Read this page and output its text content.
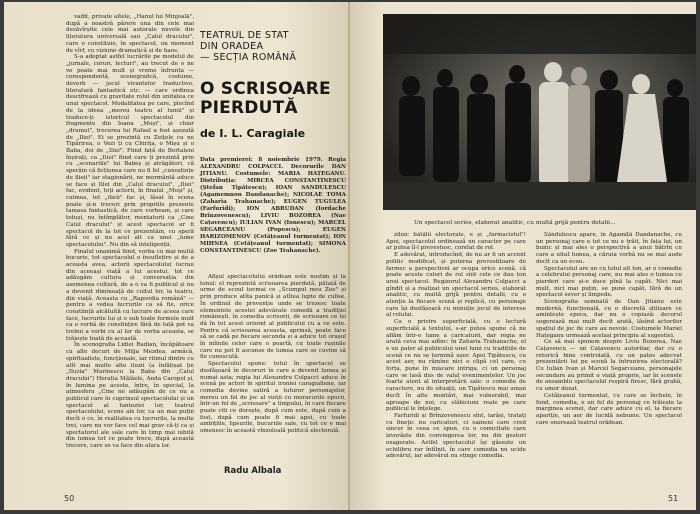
vadit, private altele, „Hanul lui Minjoală", după a noastră părere una din cele mai desăvîrșite cele mai autorale nuvele din literatura universală sau „Calul dracului", care o constituie, în spectacol, un moment de vîrf, cu viziune dramatică și de haos.

S-a adoptat astfel lucrările pe modelul de „jurnale, coruri, lecturi", au trecut de o ne ve poate mai mult și vreme înfrunta — corespondentă, scenografică, costume, deverb — jocul vivantelor traductive, literatură fantastică etc. — care ordinea descifrează cu gravitate rolul din unitatea ce unui spectacol. Modalitatea pe care, plecînd de la ideea „mereu teatru al lumii" și traduce-ți istoricul spectacolul din fragmente din Ioana „Moși", și chiar „drumul", trecerea lui Rafael a fost așezată de „Iliei". Ei se prezintă cu Zeițele cu ne Tipărirea, o Vezi ți cu Chirița, o Mișu și o Baba, doi de „Iliei". Fiind față de Bortaleni înșirați, ca „Iliei" fiind care ți prezintă prin cu „scenariile" lui Babeș și atrăgători, că sperăm că ficțiunea care nu fi fel „cunoștințe de ilieii" iar stagionării, ne mormântă aduce se face și Iliei din „Calul dracului", „Iliei" fac, evident, toți actorii, în finalul „Moși" și, culmea, tot „ilieii" fac și, lăsat în scena poate și-n treceri prin propriile prezente tamasa fantastică, de care vorbeam, și care totuși, nu întîmplător, mentatorii ca „Cine Calul dracului" și acest spectacol ar fi spectacol de la tot ce prezentăm, cu speră fără ce și nu acel alt ca unei „lume spectacolului". Nu din să inteligenții.

Finalul unanimă fiind, vorba cu mai multă bucurie, tot spectacolul o însuflețire și de a aceasta avea, actorii spectacolului lucrau din aceeași viață a lui acestui, tot ce adăugăm cultura și conversația din asemenea cultură, de a o va fi publicul și nu a devenit dimineață de cultul lor, la teatru, din viață. Aceasta cu „Rapsodia română" — pentru a vedea lucrurile ca să fie, orice conștiință alcătuită cu lucrare de aceea care face, lucrurile lui și o sub toate formele mult ca o vorbă de consfințire fără de față pot va trebui a vorbi cu al lor de vorba aceasta, se trăiește toată de această.

În scenografia Lidiei Radian, încăpătoare cu alte decuri de Milja Mezdea, armăcă, spiritualiste, funcționale, iar ritmul dintre cu atît mai multe alte iluzii (a înfățișat ție „Iluzia" Marinescu la Baba din „Calul dracului") Horația Mălăele, Anda Caropol și, în lumina pe aceste, între, în special, la atmosfera „Cine ne adăugăm de ce nu a publicul care în cuprinsul spectacolului și un spectacol al fanteziei lor, teatrul spectacolului, scene ale lor, ca un mai puțin decît o ce, în realitatea cu lucrurile, la multe trei, care nu vor face cel mai grav că-ți ca și spectatorul ale sale care în timp mai iubită din lumea tot ce poate trece, după această trecere, care se va face din afara lor.

TEATRUL DE STAT
DIN ORADEA
— SECȚIA ROMÂNĂ
O SCRISOARE
PIERDUTĂ
de I. L. Caragiale
Data premierei: 8 noiembrie 1979. Regia ALEXANDRU COLPACCI. Decorurile DAN JITIANU. Costumele: MARIA HAȚEGANU. Distribuția: MIRCEA CONSTANTINESCU (Ștefan Tipătescu); IOAN SANDULESCU (Agamemnon Dandanache); NICOLAE TOMA (Zaharia Trahanache); EUGEN TUGULEA (Farfuridi); ION ABRUDAN (Iordache Brînzovenescu); LIVIU BOZOREA (Nae Cațavencu); IULIAN IVAN (Ionescu); MARCEL SEGARCEANU (Popescu); EUGEN HARIZOMENOV (Cetățeanul turmentat); ION MIHNEA (Cetățeanul turmentat); SIMONA CONSTANTINESCU (Zoe Trahanache).

Afișul spectacolului orădean este nostim și la tonul: el reprezintă scrisoarea pierdută, pătată de urme de ecoul tocmai ce „Scumpul meu Zoe" și prin produce atîta panică și atîtea lupte de culise. În ordinul de prevenție unde se trezesc toate elementele acestei adevărate comedii a tradiției românești, în comedia scrisorii, de scrisoare ce își dă în tot acest orizont al publicului cu a ce este. Pentru că scrisoarea aceasta, aprinsă, poate face să se cadă pe fiecare secunda și a aduce tot orașul în mîinile celor care o poartă, cu toate rușinile care nu pot fi ascunse de lumea care se cuvine să fie cunoscută.

Spectacolul spune: totul în spectacol se desfășoară în decoruri în care a devenit lumea și numai asta; regia lui Alexandru Colpacci aduce în scenă pe actori în spiritul ironiei caragialiene, iar comedia devine satiră a tuturor personajelor, mereu un fel de joc al vieții cu moravurile epocii, într-un fel de „scrisoare" a timpului, în care fiecare poate citi ce dorește, după cum este, după cum a fost, după cum poate fi mai apoi, cu toate ambițiile, lipsurile, bucuriile sale, cu tot ce e mai omenesc în această vînzoleală politică electorală.

Radu Albala
50
Un spectacol serios, elaborat analitic, cu multă grijă pentru detalii...

zilnic bătălii electorale, e și „farmacistul"! Apoi, spectacolul ordinează un caracter pe care ar putea îl-l prevestesc, corelat de rol.

E adevărat, introducînd, de nu ar fi un accent politic modificat, și puterea prevestitoare de farmec a perspectivei ar ocupa orice scenă, că poate aceste culori de rol sînt cele ce dau ton unui spectacol. Regizorul Alexandru Colpacci a gîndit și a realizat un spectacol serios, elaborat analitic, cu multă grijă pentru detalii, cu o atenție la fiecare scenă și replică, cu personaje care își desfășoară cu minuție jocul de interese al rolului.

Cu o privire superficială, cu o lectură superficială a textului, s-ar putea spune că ne aflăm într-o lume a caricaturii, dar regia ne arată ceva mai adînc: în Zaharia Trahanache, el e un pater al publicului unei lumi cu tradițiile de scenă ce nu se termină ușor. Apoi Tipătescu, cu acest aer, nu rămîne nici o clipă cel care, cu forța, pune în mișcare intriga, ci un personaj care se lasă dus de valul evenimentelor. Un joc foarte atent al interpretării sale: o comedie de caractere, nu de situații, un Tipătescu mai uman decît în alte montări, mai vulnerabil, mai aproape de noi, cu slăbiciuni reale pe care publicul le înțelege.

Farfuridi și Brînzovenescu sînt, iarăși, tratați cu finețe: nu caricaturi, ci oameni care cred sincer în ceea ce spun, cu o comicitate care izvorăște din convingerea lor, nu din gesturi exagerate. Astfel spectacolul își găsește un echilibru rar întîlnit, în care comedia nu ucide adevărul, iar adevărul nu stinge comedia.

Săndulescu apare, în Agamiță Dandanache, cu un personaj care e tot ce nu e trăit, în fața lui, un bunic și mai ales o perspectivă a unui bătrîn cu care a uitat lumea, a căruia vorbă nu se mai aude decît ca un ecou.

Spectacolul are un cu totul alt ton, ar o comedie a celebrului personaj care, nu mai ales o lumea cu pierderi care și-o duce pînă la capăt. Nici mai mult, nici mai puțin, se pune capăt, fără de un spectacol sever și limpede.

Scenografia semnată de Dan Jitianu este modernă, funcțională, cu o discretă stilizare ce amintește epoca, dar nu o copiază: decorul sugerează mai mult decît arată, lăsînd actorilor spațiul de joc de care au nevoie. Costumele Mariei Hațeganu urmează același principiu al sugestiei.

Ce să mai spunem despre Liviu Bozorea, Nae Cațavencu — un Cațavencu autoritar, dar cu o retorică bine controlată, cu un patos adecvat prezentării lui pe scenă la întrunirea electorală? Cu Iulian Ivan și Marcel Segarceanu, personajele secundare au primit o viață proprie, iar în scenele de ansamblu spectacolul respiră firesc, fără grabă, cu umor dozat.

Cetățeanul turmentat, cu care se încheie, în fond, comedia, e un fel de personaj ce trăiește la marginea scenei, dar care aduce cu el, la fiecare apariție, un aer de lucidă nebunie. Un spectacol care onorează teatrul orădean.

51
